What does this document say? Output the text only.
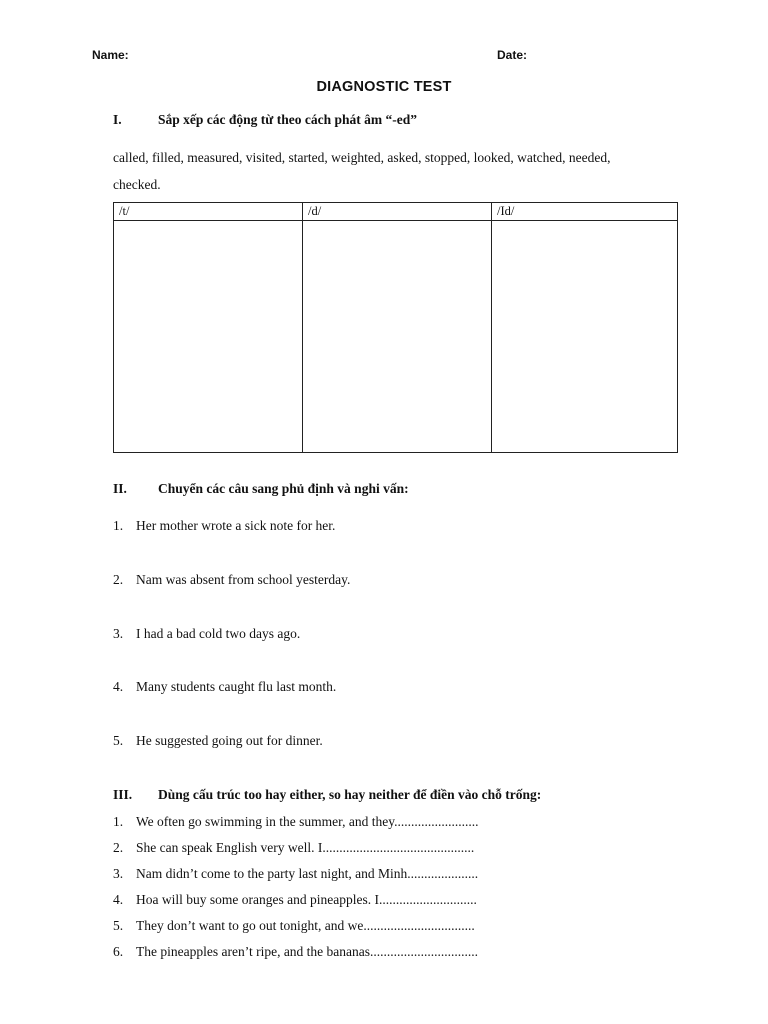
Name:	Date:
DIAGNOSTIC TEST
I.	Sắp xếp các động từ theo cách phát âm “-ed”
called, filled, measured, visited, started, weighted, asked, stopped, looked, watched, needed,
checked.
/t/	/d/	/Id/

II. Chuyển các câu sang phủ định và nghi vấn:
1. Her mother wrote a sick note for her.
2. Nam was absent from school yesterday.
3. I had a bad cold two days ago.
4. Many students caught flu last month.
5. He suggested going out for dinner.
III. Dùng cấu trúc too hay either, so hay neither để điền vào chỗ trống:
1. We often go swimming in the summer, and they.........................
2. She can speak English very well. I.............................................
3. Nam didn’t come to the party last night, and Minh.....................
4. Hoa will buy some oranges and pineapples. I.............................
5. They don’t want to go out tonight, and we.................................
6. The pineapples aren’t ripe, and the bananas................................
